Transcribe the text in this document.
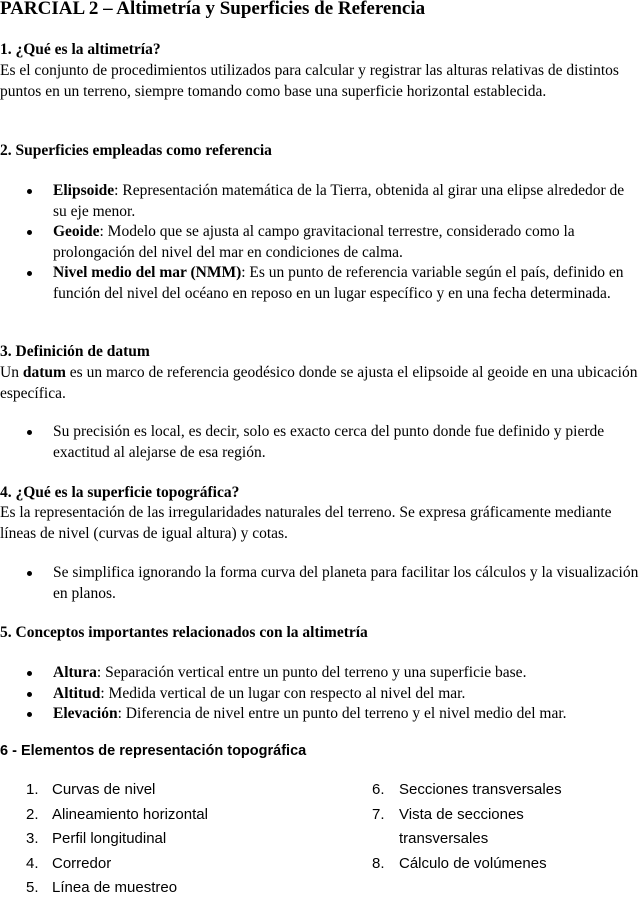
PARCIAL 2 – Altimetría y Superficies de Referencia
1. ¿Qué es la altimetría?
Es el conjunto de procedimientos utilizados para calcular y registrar las alturas relativas de distintos puntos en un terreno, siempre tomando como base una superficie horizontal establecida.
2. Superficies empleadas como referencia
Elipsoide: Representación matemática de la Tierra, obtenida al girar una elipse alrededor de su eje menor.
Geoide: Modelo que se ajusta al campo gravitacional terrestre, considerado como la prolongación del nivel del mar en condiciones de calma.
Nivel medio del mar (NMM): Es un punto de referencia variable según el país, definido en función del nivel del océano en reposo en un lugar específico y en una fecha determinada.
3. Definición de datum
Un datum es un marco de referencia geodésico donde se ajusta el elipsoide al geoide en una ubicación específica.
Su precisión es local, es decir, solo es exacto cerca del punto donde fue definido y pierde exactitud al alejarse de esa región.
4. ¿Qué es la superficie topográfica?
Es la representación de las irregularidades naturales del terreno. Se expresa gráficamente mediante líneas de nivel (curvas de igual altura) y cotas.
Se simplifica ignorando la forma curva del planeta para facilitar los cálculos y la visualización en planos.
5. Conceptos importantes relacionados con la altimetría
Altura: Separación vertical entre un punto del terreno y una superficie base.
Altitud: Medida vertical de un lugar con respecto al nivel del mar.
Elevación: Diferencia de nivel entre un punto del terreno y el nivel medio del mar.
6 - Elementos de representación topográfica
1. Curvas de nivel
2. Alineamiento horizontal
3. Perfil longitudinal
4. Corredor
5. Línea de muestreo
6. Secciones transversales
7. Vista de secciones
transversales
8. Cálculo de volúmenes
